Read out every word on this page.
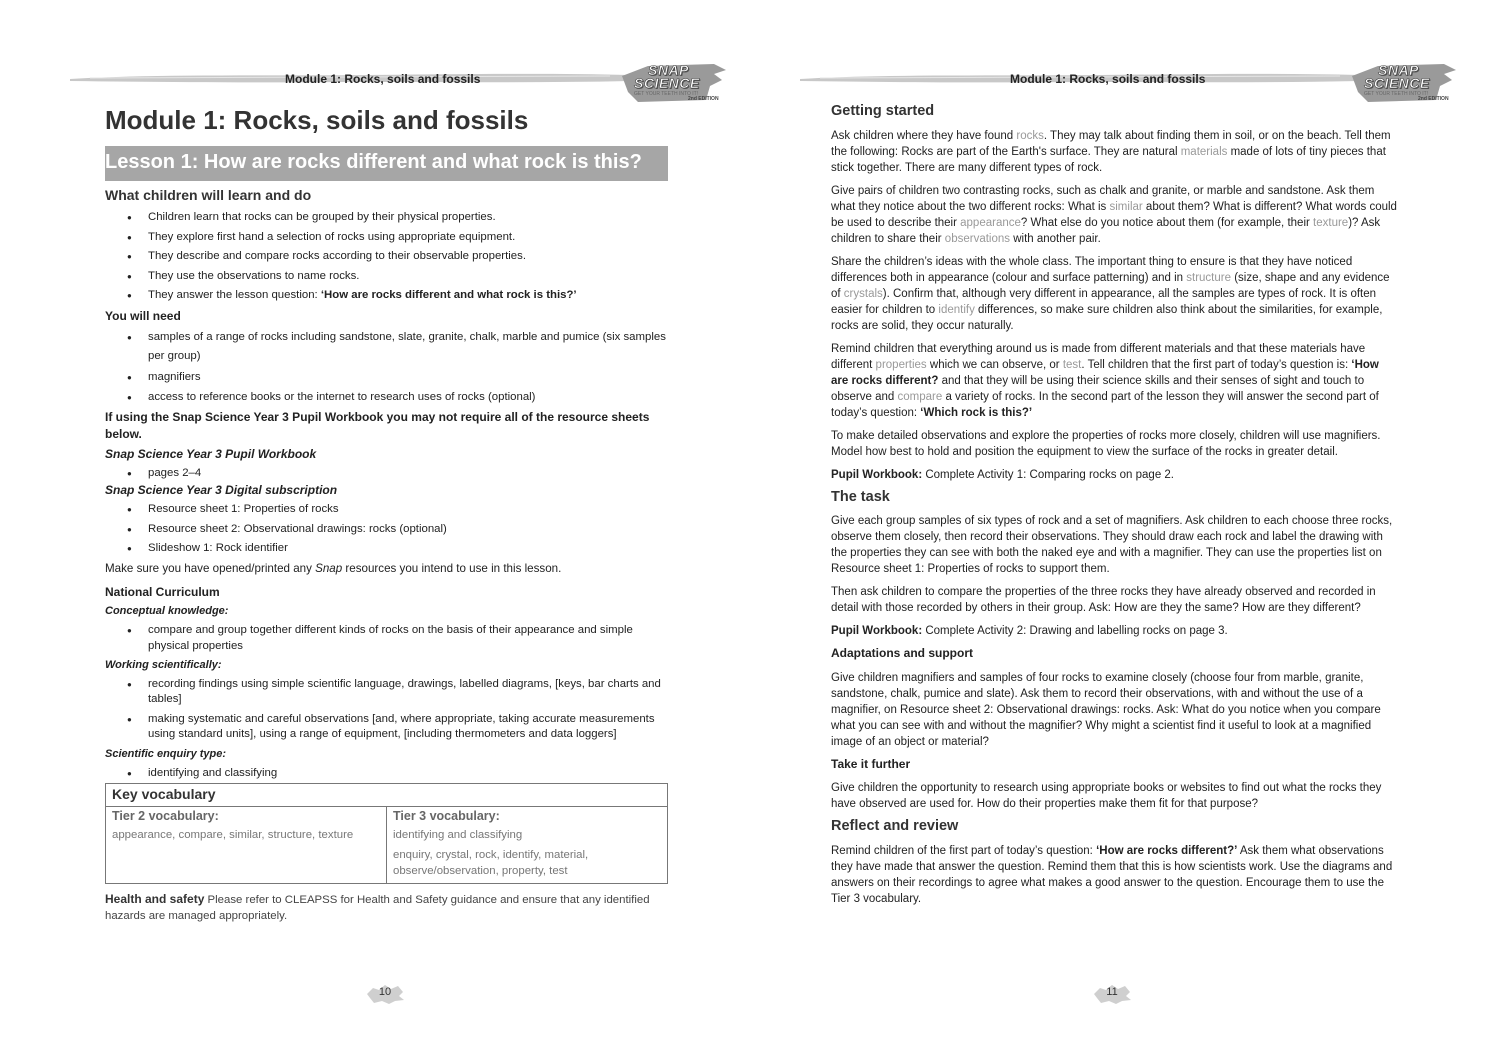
Module 1: Rocks, soils and fossils
SNAP
SCIENCE
GET YOUR TEETH INTO IT!
2nd EDITION
Module 1: Rocks, soils and fossils
Lesson 1: How are rocks different and what rock is this?
What children will learn and do
● Children learn that rocks can be grouped by their physical properties.
● They explore first hand a selection of rocks using appropriate equipment.
● They describe and compare rocks according to their observable properties.
● They use the observations to name rocks.
● They answer the lesson question: ‘How are rocks different and what rock is this?’
You will need
● samples of a range of rocks including sandstone, slate, granite, chalk, marble and pumice (six samples per group)
● magnifiers
● access to reference books or the internet to research uses of rocks (optional)
If using the Snap Science Year 3 Pupil Workbook you may not require all of the resource sheets below.
Snap Science Year 3 Pupil Workbook
● pages 2–4
Snap Science Year 3 Digital subscription
● Resource sheet 1: Properties of rocks
● Resource sheet 2: Observational drawings: rocks (optional)
● Slideshow 1: Rock identifier

Make sure you have opened/printed any Snap resources you intend to use in this lesson.

National Curriculum
Conceptual knowledge:
● compare and group together different kinds of rocks on the basis of their appearance and simple physical properties
Working scientifically:
● recording findings using simple scientific language, drawings, labelled diagrams, [keys, bar charts and tables]
● making systematic and careful observations [and, where appropriate, taking accurate measurements using standard units], using a range of equipment, [including thermometers and data loggers]
Scientific enquiry type:
● identifying and classifying
Key vocabulary
Tier 2 vocabulary:
appearance, compare, similar, structure, texture
Tier 3 vocabulary:
identifying and classifying
enquiry, crystal, rock, identify, material, observe/observation, property, test
Health and safety Please refer to CLEAPSS for Health and Safety guidance and ensure that any identified hazards are managed appropriately.
10
Module 1: Rocks, soils and fossils
SNAP
SCIENCE
GET YOUR TEETH INTO IT!
2nd EDITION
Getting started

Ask children where they have found rocks. They may talk about finding them in soil, or on the beach. Tell them the following: Rocks are part of the Earth's surface. They are natural materials made of lots of tiny pieces that stick together. There are many different types of rock.

Give pairs of children two contrasting rocks, such as chalk and granite, or marble and sandstone. Ask them what they notice about the two different rocks: What is similar about them? What is different? What words could be used to describe their appearance? What else do you notice about them (for example, their texture)? Ask children to share their observations with another pair.

Share the children’s ideas with the whole class. The important thing to ensure is that they have noticed differences both in appearance (colour and surface patterning) and in structure (size, shape and any evidence of crystals). Confirm that, although very different in appearance, all the samples are types of rock. It is often easier for children to identify differences, so make sure children also think about the similarities, for example, rocks are solid, they occur naturally.

Remind children that everything around us is made from different materials and that these materials have different properties which we can observe, or test. Tell children that the first part of today’s question is: ‘How are rocks different? and that they will be using their science skills and their senses of sight and touch to observe and compare a variety of rocks. In the second part of the lesson they will answer the second part of today’s question: ‘Which rock is this?’

To make detailed observations and explore the properties of rocks more closely, children will use magnifiers. Model how best to hold and position the equipment to view the surface of the rocks in greater detail.

Pupil Workbook: Complete Activity 1: Comparing rocks on page 2.

The task

Give each group samples of six types of rock and a set of magnifiers. Ask children to each choose three rocks, observe them closely, then record their observations. They should draw each rock and label the drawing with the properties they can see with both the naked eye and with a magnifier. They can use the properties list on Resource sheet 1: Properties of rocks to support them.

Then ask children to compare the properties of the three rocks they have already observed and recorded in detail with those recorded by others in their group. Ask: How are they the same? How are they different?

Pupil Workbook: Complete Activity 2: Drawing and labelling rocks on page 3.

Adaptations and support

Give children magnifiers and samples of four rocks to examine closely (choose four from marble, granite, sandstone, chalk, pumice and slate). Ask them to record their observations, with and without the use of a magnifier, on Resource sheet 2: Observational drawings: rocks. Ask: What do you notice when you compare what you can see with and without the magnifier? Why might a scientist find it useful to look at a magnified image of an object or material?

Take it further

Give children the opportunity to research using appropriate books or websites to find out what the rocks they have observed are used for. How do their properties make them fit for that purpose?

Reflect and review

Remind children of the first part of today’s question: ‘How are rocks different?’ Ask them what observations they have made that answer the question. Remind them that this is how scientists work. Use the diagrams and answers on their recordings to agree what makes a good answer to the question. Encourage them to use the Tier 3 vocabulary.

11
